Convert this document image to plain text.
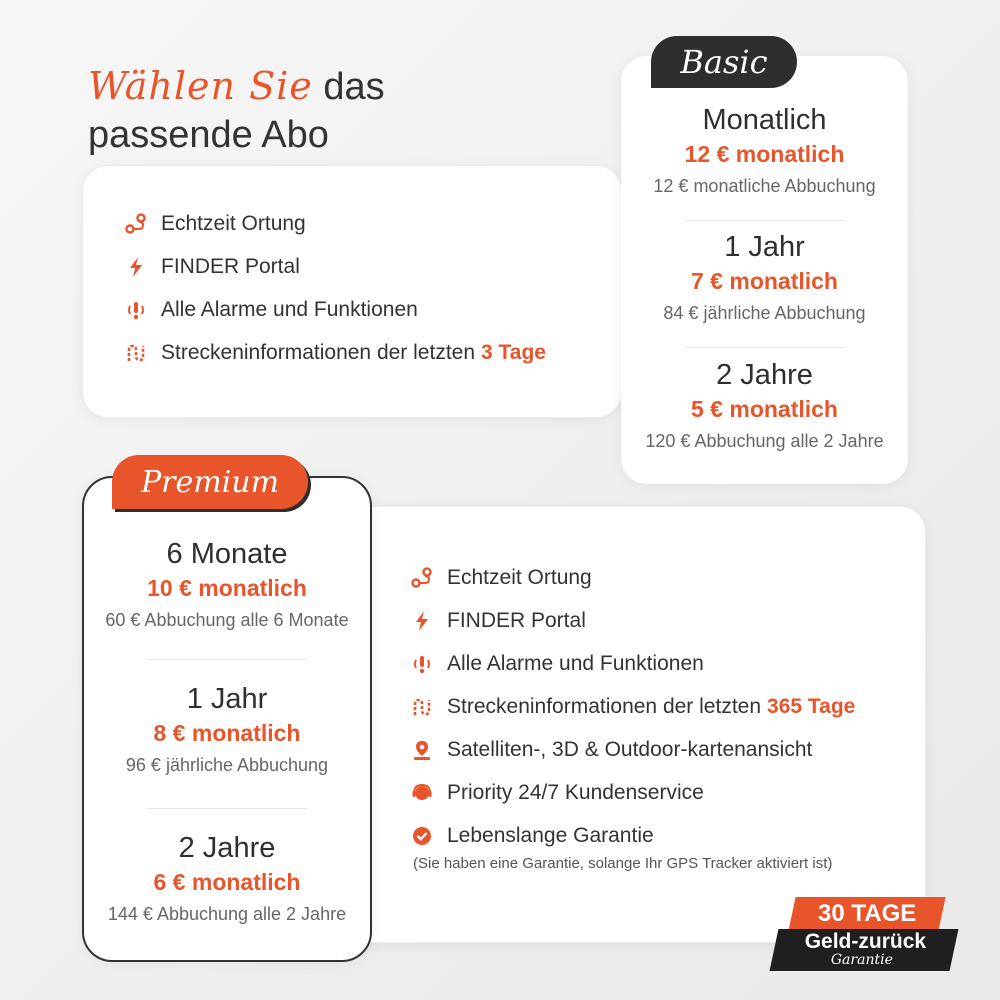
Wählen Sie das
passende Abo
Echtzeit Ortung
FINDER Portal
Alle Alarme und Funktionen
Streckeninformationen der letzten 3 Tage
Monatlich
12 € monatlich
12 € monatliche Abbuchung
1 Jahr
7 € monatlich
84 € jährliche Abbuchung
2 Jahre
5 € monatlich
120 € Abbuchung alle 2 Jahre
Basic
Echtzeit Ortung
FINDER Portal
Alle Alarme und Funktionen
Streckeninformationen der letzten 365 Tage
Satelliten-, 3D & Outdoor-kartenansicht
Priority 24/7 Kundenservice
Lebenslange Garantie
(Sie haben eine Garantie, solange Ihr GPS Tracker aktiviert ist)
6 Monate
10 € monatlich
60 € Abbuchung alle 6 Monate
1 Jahr
8 € monatlich
96 € jährliche Abbuchung
2 Jahre
6 € monatlich
144 € Abbuchung alle 2 Jahre
Premium
30 TAGE
Geld-zurück
Garantie
